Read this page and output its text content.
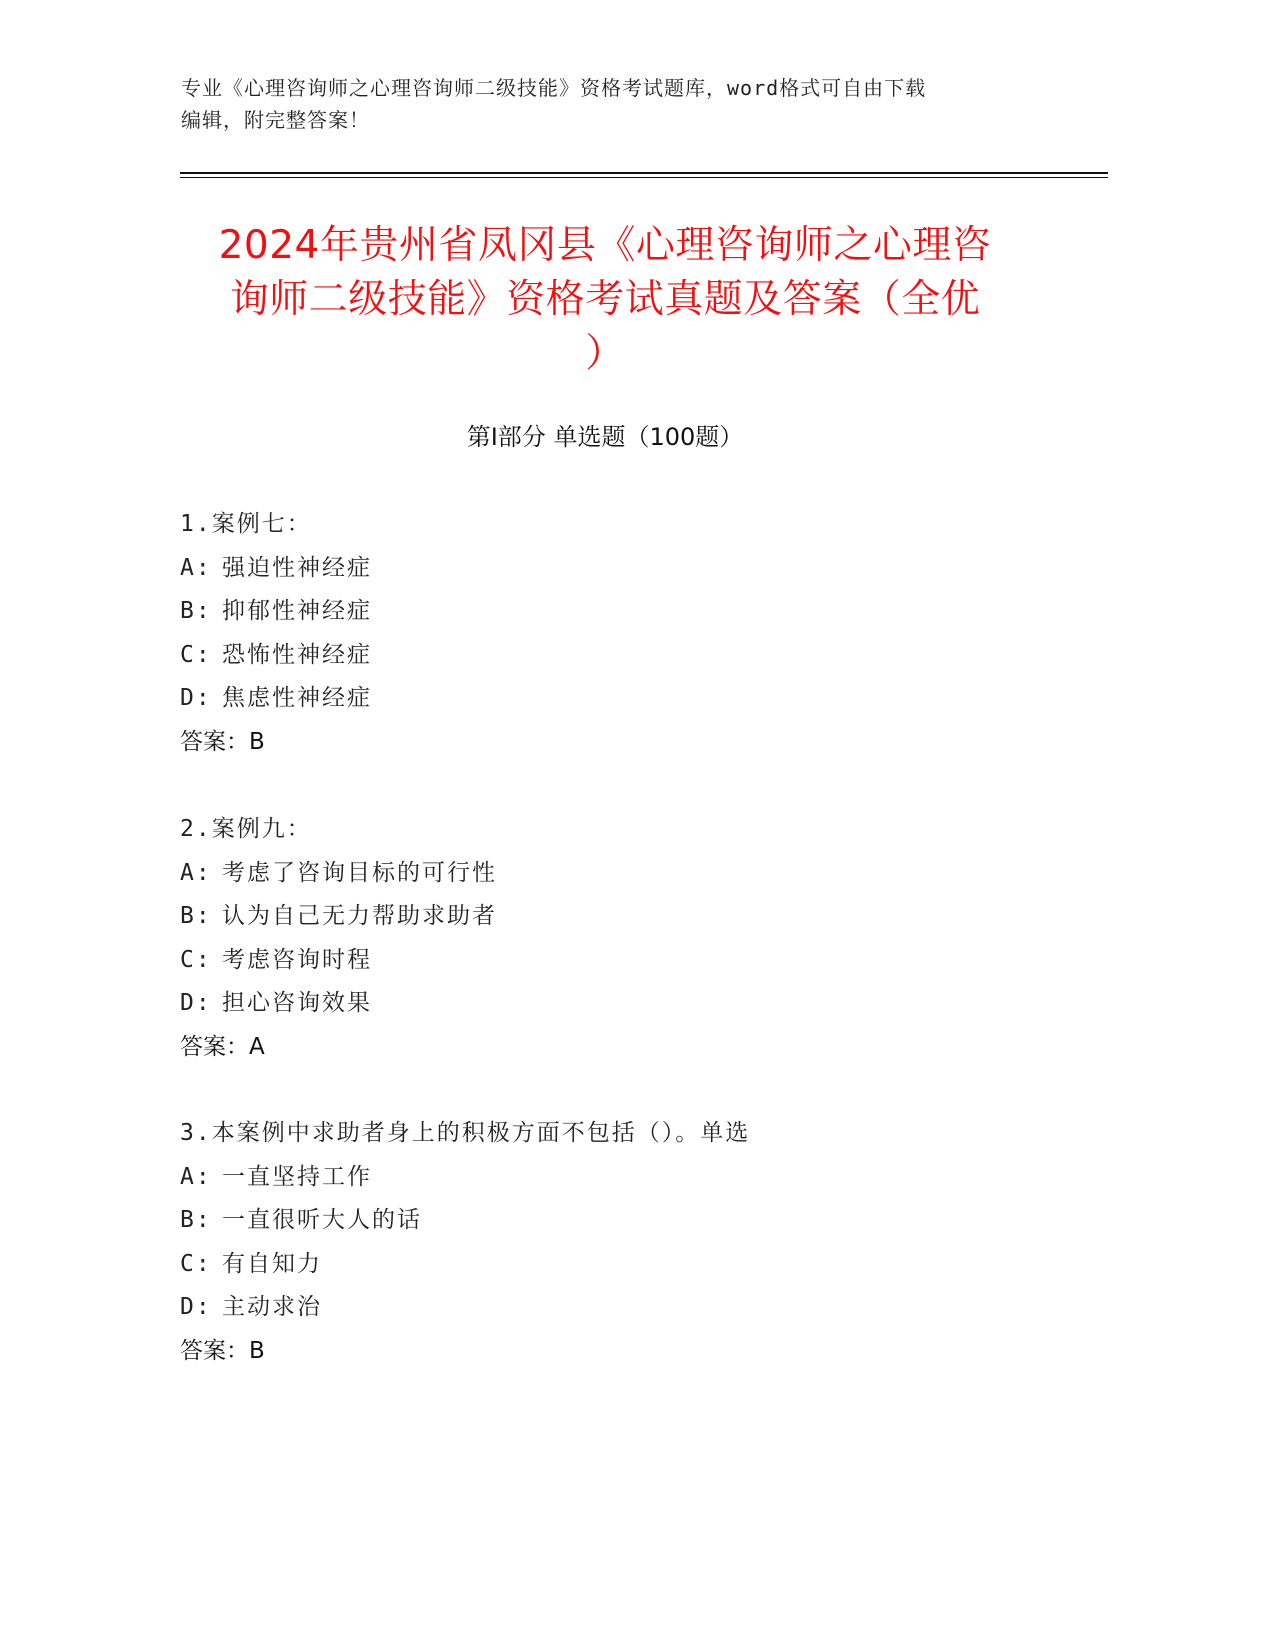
专业《心理咨询师之心理咨询师二级技能》资格考试题库，word格式可自由下载
编辑，附完整答案！
2024年贵州省凤冈县《心理咨询师之心理咨
询师二级技能》资格考试真题及答案（全优
）
第I部分 单选题（100题）
1.案例七：
A: 强迫性神经症
B: 抑郁性神经症
C: 恐怖性神经症
D: 焦虑性神经症
答案：B
2.案例九：
A: 考虑了咨询目标的可行性
B: 认为自己无力帮助求助者
C: 考虑咨询时程
D: 担心咨询效果
答案：A
3.本案例中求助者身上的积极方面不包括（）。单选
A: 一直坚持工作
B: 一直很听大人的话
C: 有自知力
D: 主动求治
答案：B
